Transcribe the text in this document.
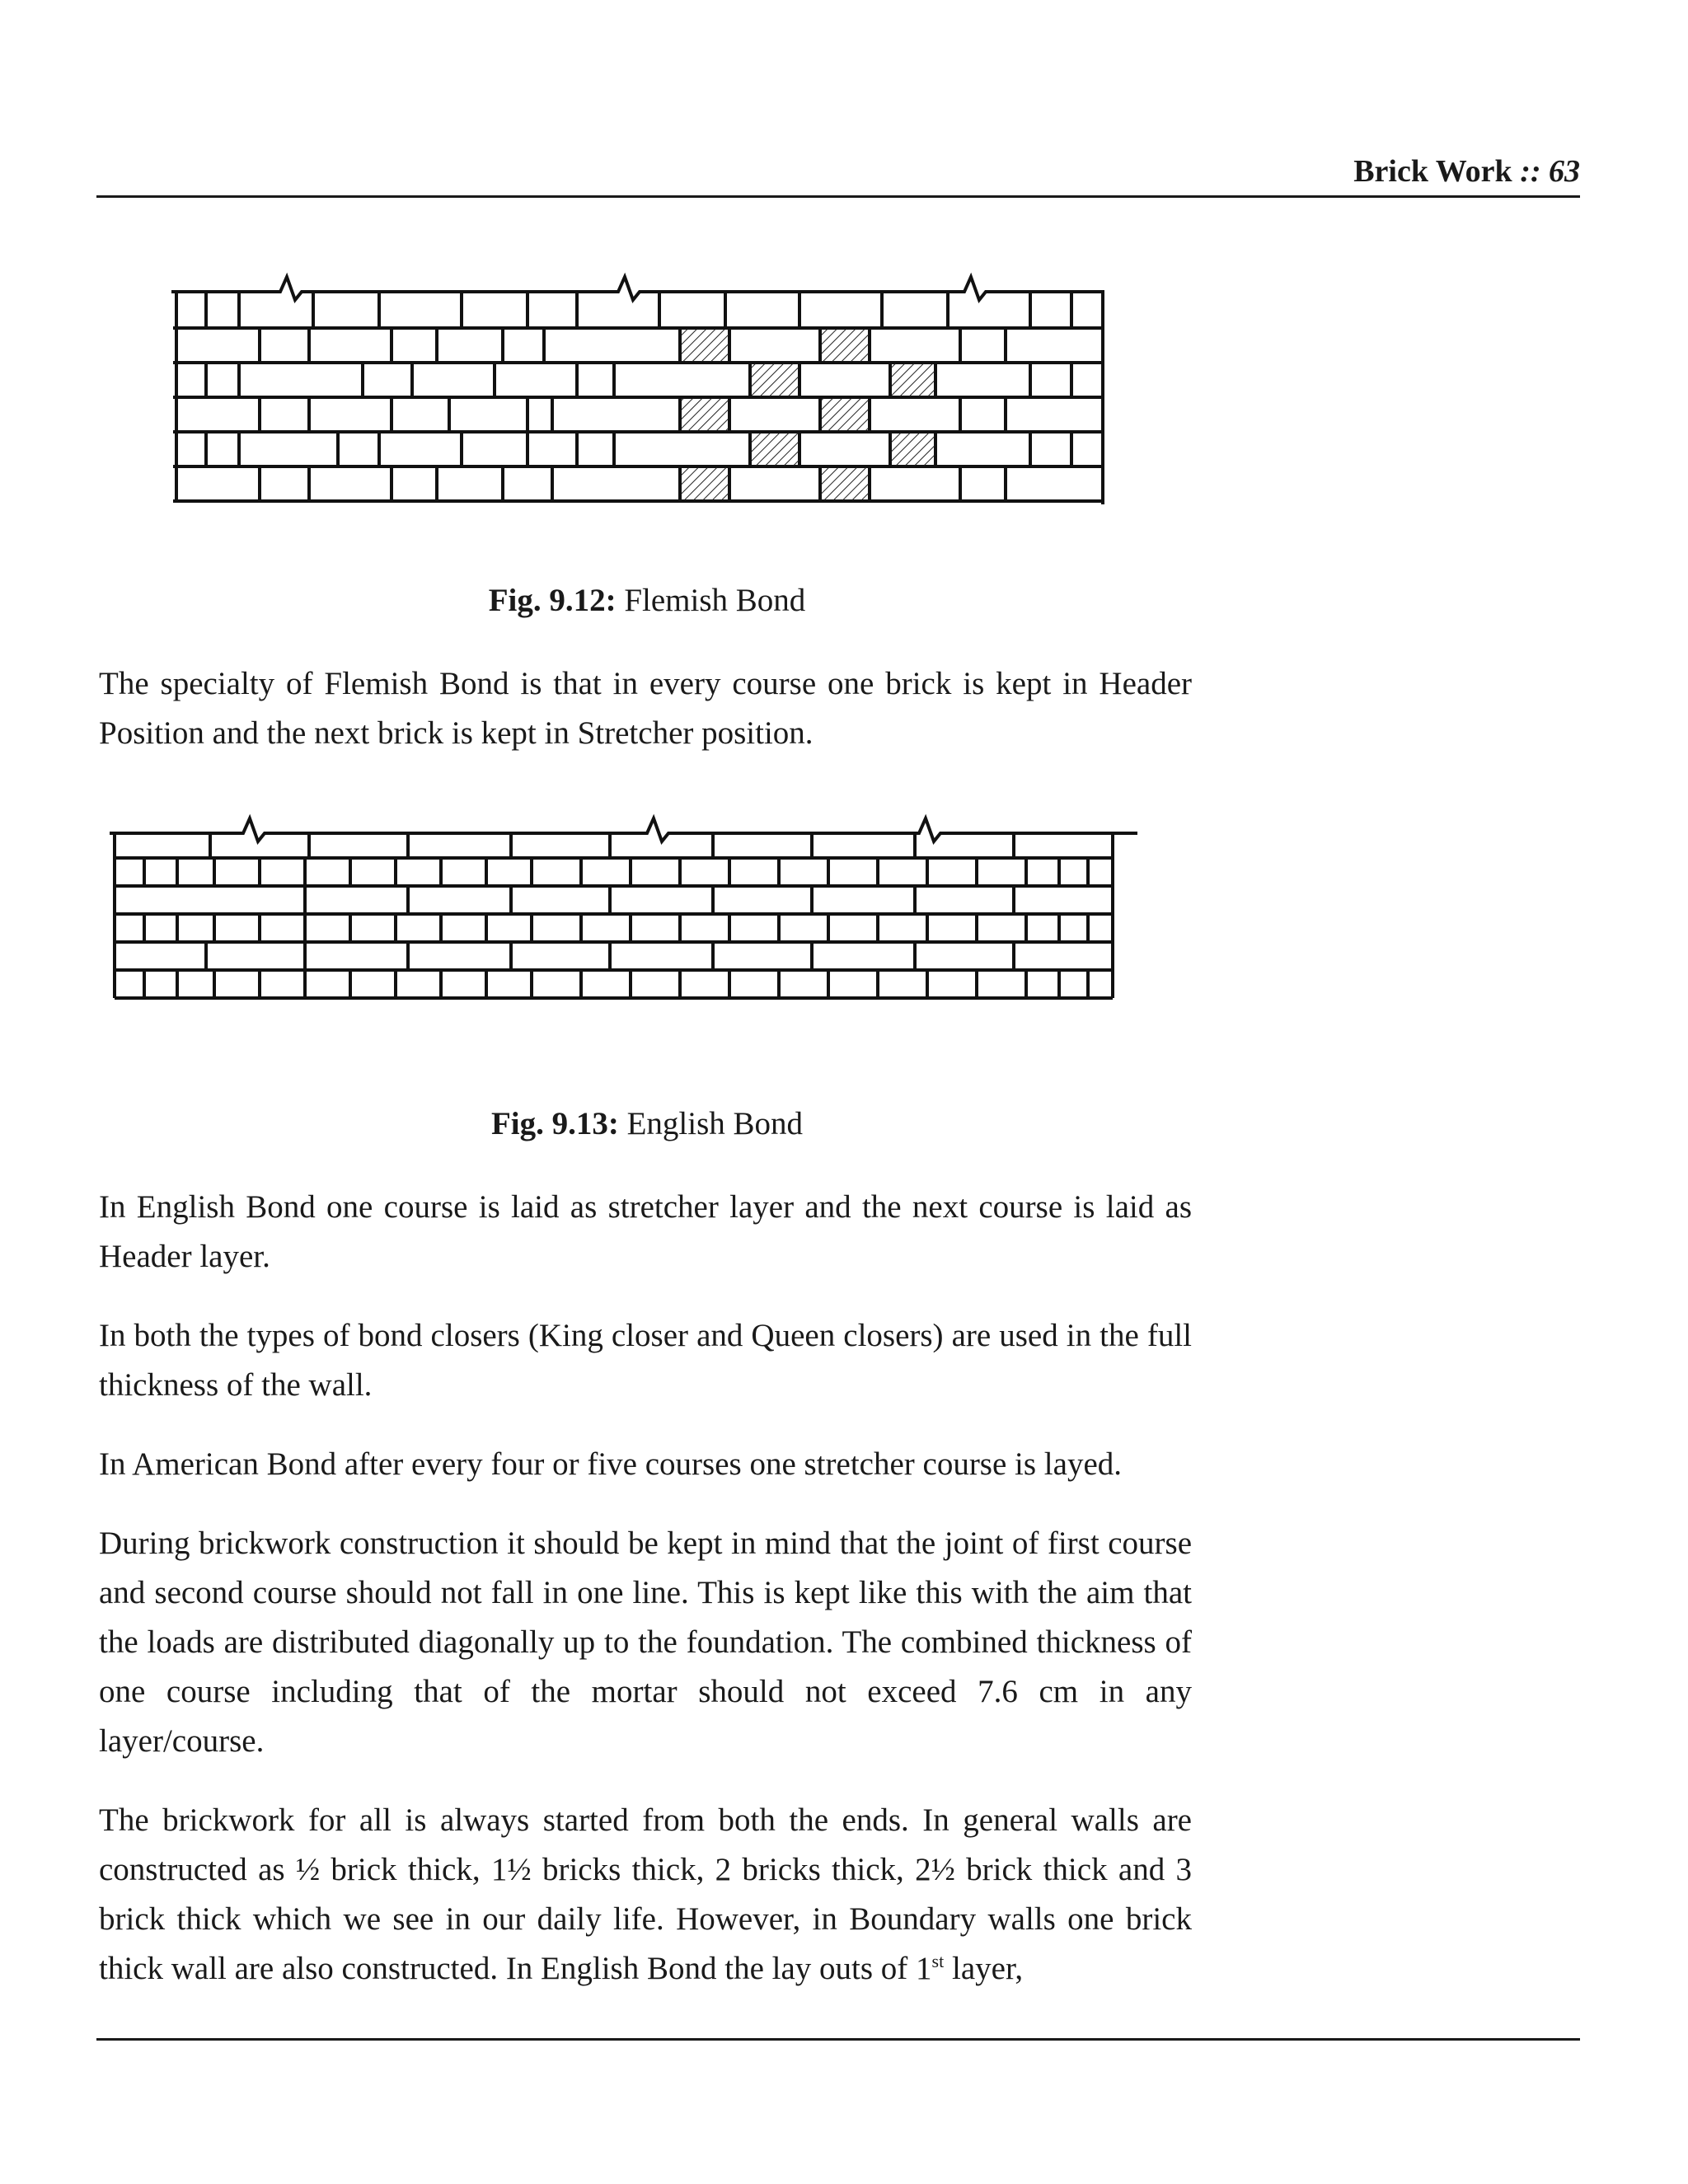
Brick Work :: 63
Fig. 9.12: Flemish Bond

The specialty of Flemish Bond is that in every course one brick is kept in Header Position and the next brick is kept in Stretcher position.

Fig. 9.13: English Bond

In English Bond one course is laid as stretcher layer and the next course is laid as Header layer.

In both the types of bond closers (King closer and Queen closers) are used in the full thickness of the wall.

In American Bond after every four or five courses one stretcher course is layed.

During brickwork construction it should be kept in mind that the joint of first course and second course should not fall in one line. This is kept like this with the aim that the loads are distributed diagonally up to the foundation. The combined thickness of one course including that of the mortar should not exceed 7.6 cm in any layer/course.

The brickwork for all is always started from both the ends. In general walls are constructed as ½ brick thick, 1½ bricks thick, 2 bricks thick, 2½ brick thick and 3 brick thick which we see in our daily life. However, in Boundary walls one brick thick wall are also constructed. In English Bond the lay outs of 1st layer,
